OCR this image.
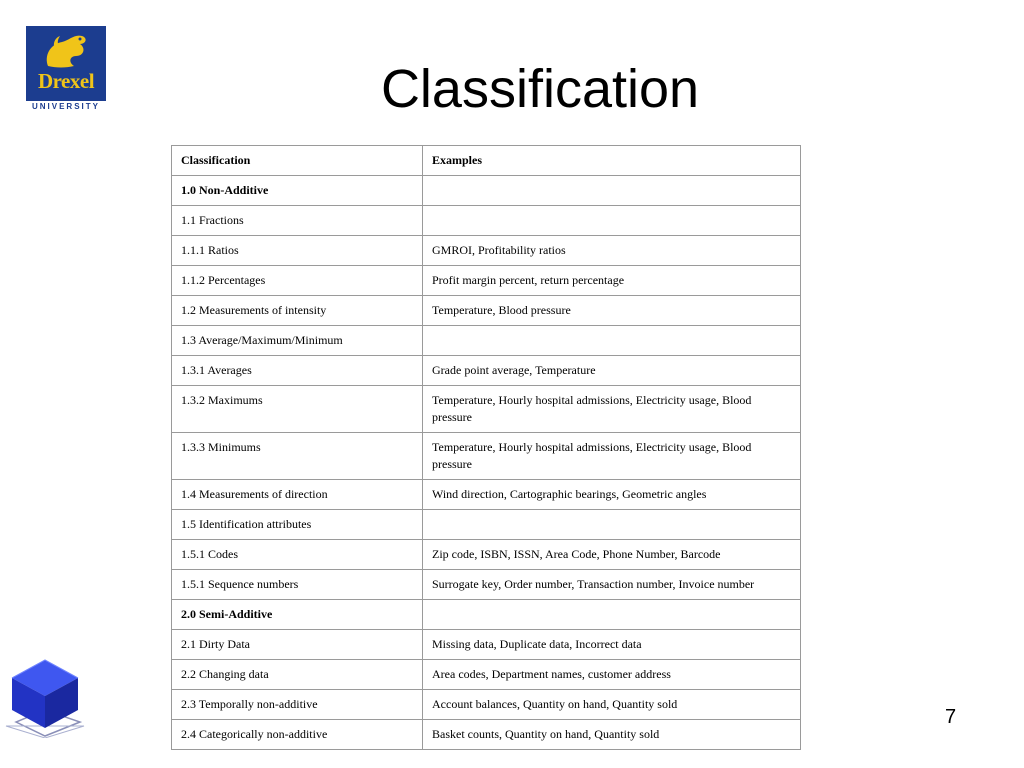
Drexel
UNIVERSITY	Classification
Classification	Examples
1.0 Non-Additive	
1.1 Fractions	
1.1.1 Ratios	GMROI, Profitability ratios
1.1.2 Percentages	Profit margin percent, return percentage
1.2 Measurements of intensity	Temperature, Blood pressure
1.3 Average/Maximum/Minimum	
1.3.1 Averages	Grade point average, Temperature
1.3.2 Maximums	Temperature, Hourly hospital admissions, Electricity usage, Blood pressure
1.3.3 Minimums	Temperature, Hourly hospital admissions, Electricity usage, Blood pressure
1.4 Measurements of direction	Wind direction, Cartographic bearings, Geometric angles
1.5 Identification attributes	
1.5.1 Codes	Zip code, ISBN, ISSN, Area Code, Phone Number, Barcode
1.5.1 Sequence numbers	Surrogate key, Order number, Transaction number, Invoice number
2.0 Semi-Additive	
2.1 Dirty Data	Missing data, Duplicate data, Incorrect data
2.2 Changing data	Area codes, Department names, customer address
2.3 Temporally non-additive	Account balances, Quantity on hand, Quantity sold
2.4 Categorically non-additive	Basket counts, Quantity on hand, Quantity sold
7
